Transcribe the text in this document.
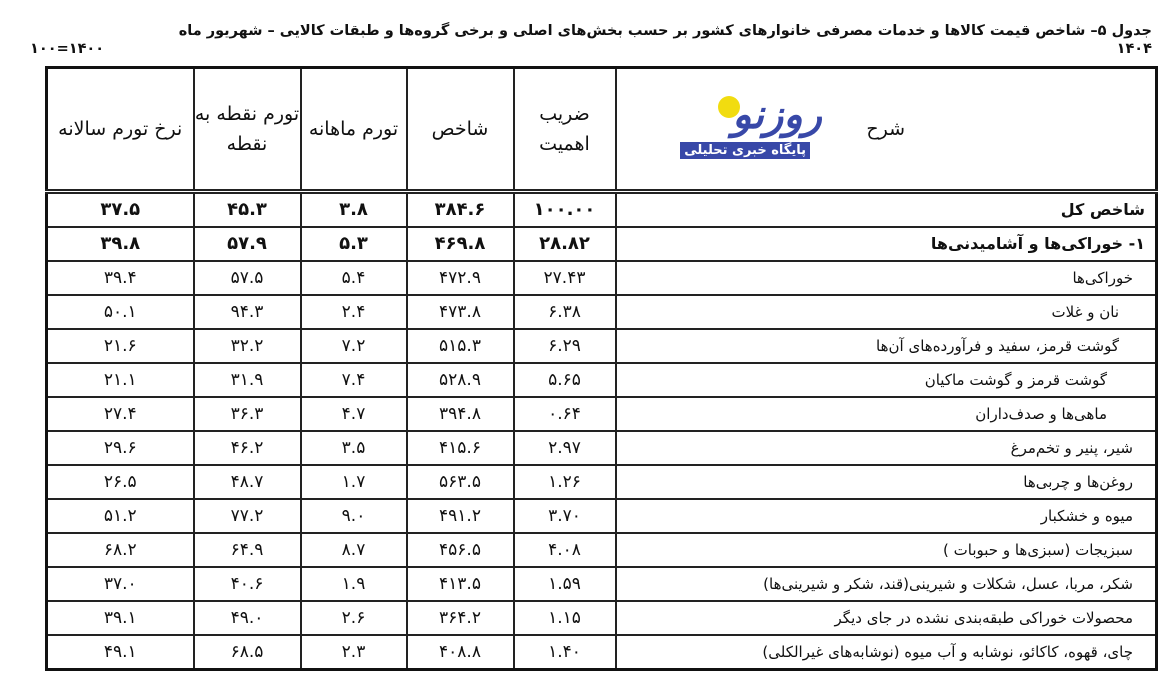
جدول ۵– شاخص قیمت کالاها و خدمات مصرفی خانوارهای کشور بر حسب بخش‌های اصلی و برخی گروه‌ها و طبقات کالایی – شهریور ماه ۱۴۰۴
۱۴۰۰=۱۰۰
شرح	ضریب اهمیت	شاخص	تورم ماهانه	تورم نقطه به نقطه	نرخ تورم سالانه
شاخص کل	۱۰۰.۰۰	۳۸۴.۶	۳.۸	۴۵.۳	۳۷.۵
۱- خوراکی‌ها و آشامیدنی‌ها	۲۸.۸۲	۴۶۹.۸	۵.۳	۵۷.۹	۳۹.۸
خوراکی‌ها	۲۷.۴۳	۴۷۲.۹	۵.۴	۵۷.۵	۳۹.۴
نان و غلات	۶.۳۸	۴۷۳.۸	۲.۴	۹۴.۳	۵۰.۱
گوشت قرمز، سفید و فرآورده‌های آن‌ها	۶.۲۹	۵۱۵.۳	۷.۲	۳۲.۲	۲۱.۶
گوشت قرمز و گوشت ماکیان	۵.۶۵	۵۲۸.۹	۷.۴	۳۱.۹	۲۱.۱
ماهی‌ها و صدف‌داران	۰.۶۴	۳۹۴.۸	۴.۷	۳۶.۳	۲۷.۴
شیر، پنیر و تخم‌مرغ	۲.۹۷	۴۱۵.۶	۳.۵	۴۶.۲	۲۹.۶
روغن‌ها و چربی‌ها	۱.۲۶	۵۶۳.۵	۱.۷	۴۸.۷	۲۶.۵
میوه و خشکبار	۳.۷۰	۴۹۱.۲	۹.۰	۷۷.۲	۵۱.۲
سبزیجات (سبزی‌ها و حبوبات )	۴.۰۸	۴۵۶.۵	۸.۷	۶۴.۹	۶۸.۲
شکر، مربا، عسل، شکلات و شیرینی(قند، شکر و شیرینی‌ها)	۱.۵۹	۴۱۳.۵	۱.۹	۴۰.۶	۳۷.۰
محصولات خوراکی طبقه‌بندی نشده در جای دیگر	۱.۱۵	۳۶۴.۲	۲.۶	۴۹.۰	۳۹.۱
چای، قهوه، کاکائو، نوشابه و آب میوه (نوشابه‌های غیرالکلی)	۱.۴۰	۴۰۸.۸	۲.۳	۶۸.۵	۴۹.۱
روزنو
پایگاه خبری تحلیلی
